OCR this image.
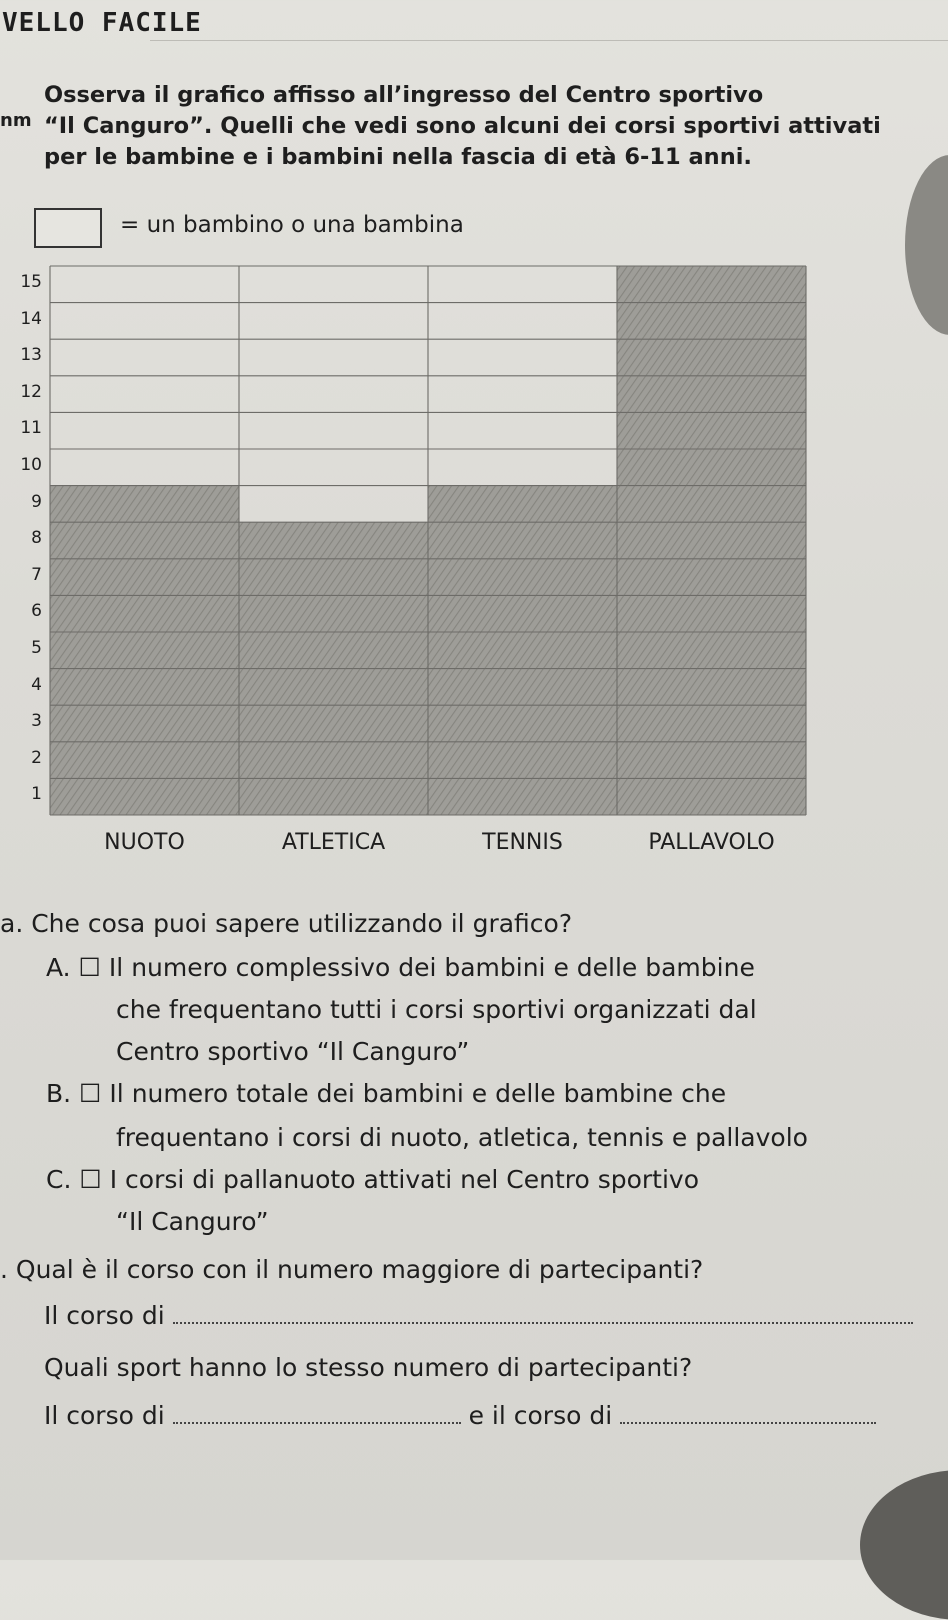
VELLO FACILE
nm

Osserva il grafico affisso all’ingresso del Centro sportivo

“Il Canguro”. Quelli che vedi sono alcuni dei corsi sportivi attivati

per le bambine e i bambini nella fascia di età 6-11 anni.

= un bambino o una bambina
1
2
3
4
5
6
7
8
9
10
11
12
13
14
15
NUOTO	ATLETICA	TENNIS	PALLAVOLO
a. Che cosa puoi sapere utilizzando il grafico?
A. ☐ Il numero complessivo dei bambini e delle bambine
che frequentano tutti i corsi sportivi organizzati dal
Centro sportivo “Il Canguro”
B. ☐ Il numero totale dei bambini e delle bambine che
frequentano i corsi di nuoto, atletica, tennis e pallavolo
C. ☐ I corsi di pallanuoto attivati nel Centro sportivo
“Il Canguro”
. Qual è il corso con il numero maggiore di partecipanti?
Il corso di
Quali sport hanno lo stesso numero di partecipanti?
Il corso di	e il corso di
